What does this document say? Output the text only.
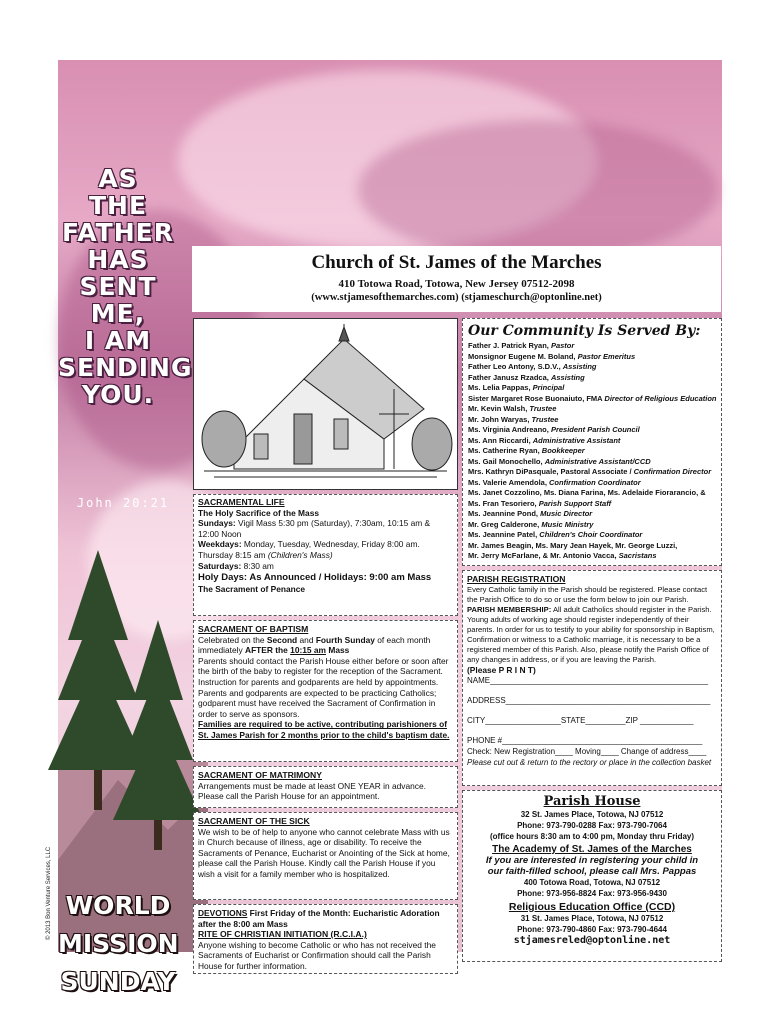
AS
THE
FATHER
HAS
SENT
ME,
I AM
SENDING
YOU.
John 20:21
WORLD
MISSION
SUNDAY
© 2013 Bon Venture Services, LLC
Church of St. James of the Marches
410 Totowa Road, Totowa, New Jersey 07512-2098
(www.stjamesofthemarches.com) (stjameschurch@optonline.net)
Our Community Is Served By:
Father J. Patrick Ryan, Pastor
Monsignor Eugene M. Boland, Pastor Emeritus
Father Leo Antony, S.D.V., Assisting
Father Janusz Rzadca, Assisting
Ms. Lelia Pappas, Principal
Sister Margaret Rose Buonaiuto, FMA Director of Religious Education
Mr. Kevin Walsh, Trustee
Mr. John Waryas, Trustee
Ms. Virginia Andreano, President Parish Council
Ms. Ann Riccardi, Administrative Assistant
Ms. Catherine Ryan, Bookkeeper
Ms. Gail Monochello, Administrative Assistant/CCD
Mrs. Kathryn DiPasquale, Pastoral Associate / Confirmation Director
Ms. Valerie Amendola, Confirmation Coordinator
Ms. Janet Cozzolino, Ms. Diana Farina, Ms. Adelaide Fiorarancio, &
Ms. Fran Tesoriero, Parish Support Staff
Ms. Jeannine Pond, Music Director
Mr. Greg Calderone, Music Ministry
Ms. Jeannine Patel, Children's Choir Coordinator
Mr. James Beagin, Ms. Mary Jean Hayek, Mr. George Luzzi,
Mr. Jerry McFarlane, & Mr. Antonio Vacca, Sacristans
SACRAMENTAL LIFE

The Holy Sacrifice of the Mass

Sundays: Vigil Mass 5:30 pm (Saturday), 7:30am, 10:15 am & 12:00 Noon

Weekdays: Monday, Tuesday, Wednesday, Friday 8:00 am. Thursday 8:15 am (Children's Mass)

Saturdays: 8:30 am

Holy Days: As Announced / Holidays: 9:00 am Mass

The Sacrament of Penance

SACRAMENT OF BAPTISM

Celebrated on the Second and Fourth Sunday of each month immediately AFTER the 10:15 am Mass

Parents should contact the Parish House either before or soon after the birth of the baby to register for the reception of the Sacrament.

Instruction for parents and godparents are held by appointments.

Parents and godparents are expected to be practicing Catholics; godparent must have received the Sacrament of Confirmation in order to serve as sponsors.

Families are required to be active, contributing parishioners of St. James Parish for 2 months prior to the child's baptism date.

SACRAMENT OF MATRIMONY

Arrangements must be made at least ONE YEAR in advance. Please call the Parish House for an appointment.

SACRAMENT OF THE SICK

We wish to be of help to anyone who cannot celebrate Mass with us in Church because of illness, age or disability. To receive the Sacraments of Penance, Eucharist or Anointing of the Sick at home, please call the Parish House. Kindly call the Parish House if you wish a visit for a family member who is hospitalized.

DEVOTIONS First Friday of the Month: Eucharistic Adoration after the 8:00 am Mass

RITE OF CHRISTIAN INITIATION (R.C.I.A.)

Anyone wishing to become Catholic or who has not received the Sacraments of Eucharist or Confirmation should call the Parish House for further information.

PARISH REGISTRATION

Every Catholic family in the Parish should be registered. Please contact the Parish Office to do so or use the form below to join our Parish.

PARISH MEMBERSHIP: All adult Catholics should register in the Parish. Young adults of working age should register independently of their parents. In order for us to testify to your ability for sponsorship in Baptism, Confirmation or witness to a Catholic marriage, it is necessary to be a registered member of this Parish. Also, please notify the Parish Office of any changes in address, or if you are leaving the Parish.

(Please P R I N T)

NAME_________________________________________________
ADDRESS______________________________________________
CITY_________________STATE_________ZIP ____________
PHONE #_____________________________________________
Check: New Registration____ Moving____ Change of address____
Please cut out & return to the rectory or place in the collection basket
Parish House
32 St. James Place, Totowa, NJ 07512
Phone: 973-790-0288 Fax: 973-790-7064
(office hours 8:30 am to 4:00 pm, Monday thru Friday)
The Academy of St. James of the Marches
If you are interested in registering your child in
our faith-filled school, please call Mrs. Pappas
400 Totowa Road, Totowa, NJ 07512
Phone: 973-956-8824 Fax: 973-956-9430
Religious Education Office (CCD)
31 St. James Place, Totowa, NJ 07512
Phone: 973-790-4860 Fax: 973-790-4644
stjamesreled@optonline.net
